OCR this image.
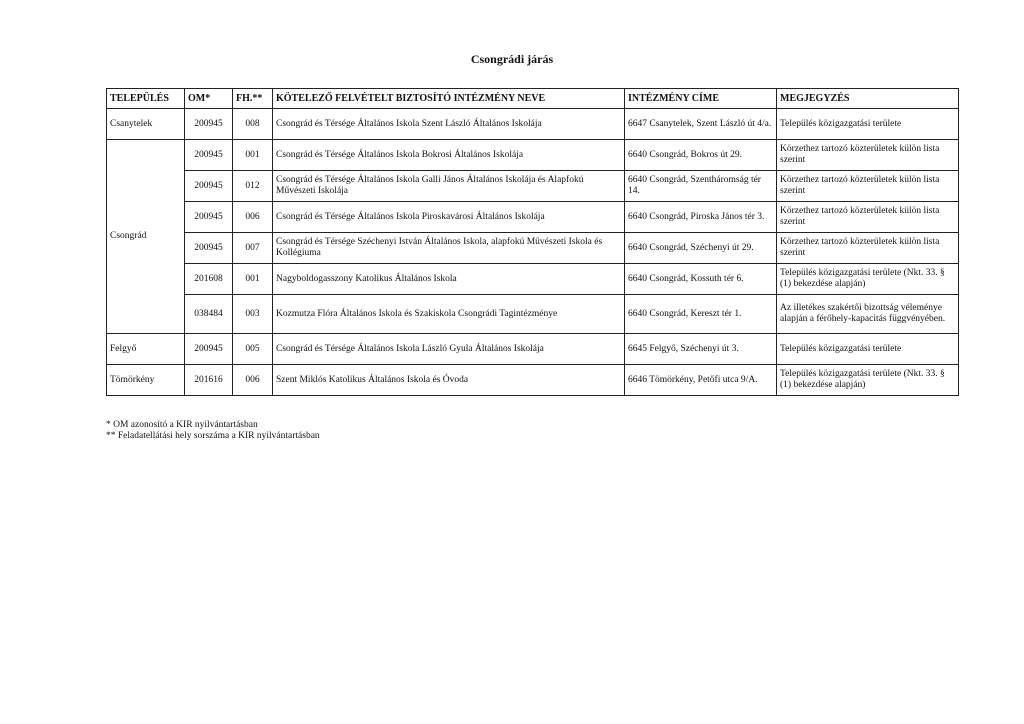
Csongrádi járás
TELEPÜLÉS	OM*	FH.**	KÖTELEZŐ FELVÉTELT BIZTOSÍTÓ INTÉZMÉNY NEVE	INTÉZMÉNY CÍME	MEGJEGYZÉS
Csanytelek	200945	008	Csongrád és Térsége Általános Iskola Szent László Általános Iskolája	6647 Csanytelek, Szent László út 4/a.	Település közigazgatási területe
Csongrád	200945	001	Csongrád és Térsége Általános Iskola Bokrosi Általános Iskolája	6640 Csongrád, Bokros út 29.	Körzethez tartozó közterületek külön lista szerint
	200945	012	Csongrád és Térsége Általános Iskola Galli János Általános Iskolája és Alapfokú Művészeti Iskolája	6640 Csongrád, Szentháromság tér 14.	Körzethez tartozó közterületek külön lista szerint
	200945	006	Csongrád és Térsége Általános Iskola Piroskavárosi Általános Iskolája	6640 Csongrád, Piroska János tér 3.	Körzethez tartozó közterületek külön lista szerint
	200945	007	Csongrád és Térsége Széchenyi István Általános Iskola, alapfokú Művészeti Iskola és Kollégiuma	6640 Csongrád, Széchenyi út 29.	Körzethez tartozó közterületek külön lista szerint
	201608	001	Nagyboldogasszony Katolikus Általános Iskola	6640 Csongrád, Kossuth tér 6.	Település közigazgatási területe (Nkt. 33. § (1) bekezdése alapján)
	038484	003	Kozmutza Flóra Általános Iskola és Szakiskola Csongrádi Tagintézménye	6640 Csongrád, Kereszt tér 1.	Az illetékes szakértői bizottság véleménye alapján a férőhely-kapacitás függvényében.
Felgyő	200945	005	Csongrád és Térsége Általános Iskola László Gyula Általános Iskolája	6645 Felgyő, Széchenyi út 3.	Település közigazgatási területe
Tömörkény	201616	006	Szent Miklós Katolikus Általános Iskola és Óvoda	6646 Tömörkény, Petőfi utca 9/A.	Település közigazgatási területe (Nkt. 33. § (1) bekezdése alapján)
* OM azonosító a KIR nyilvántartásban
** Feladatellátási hely sorszáma a KIR nyilvántartásban
